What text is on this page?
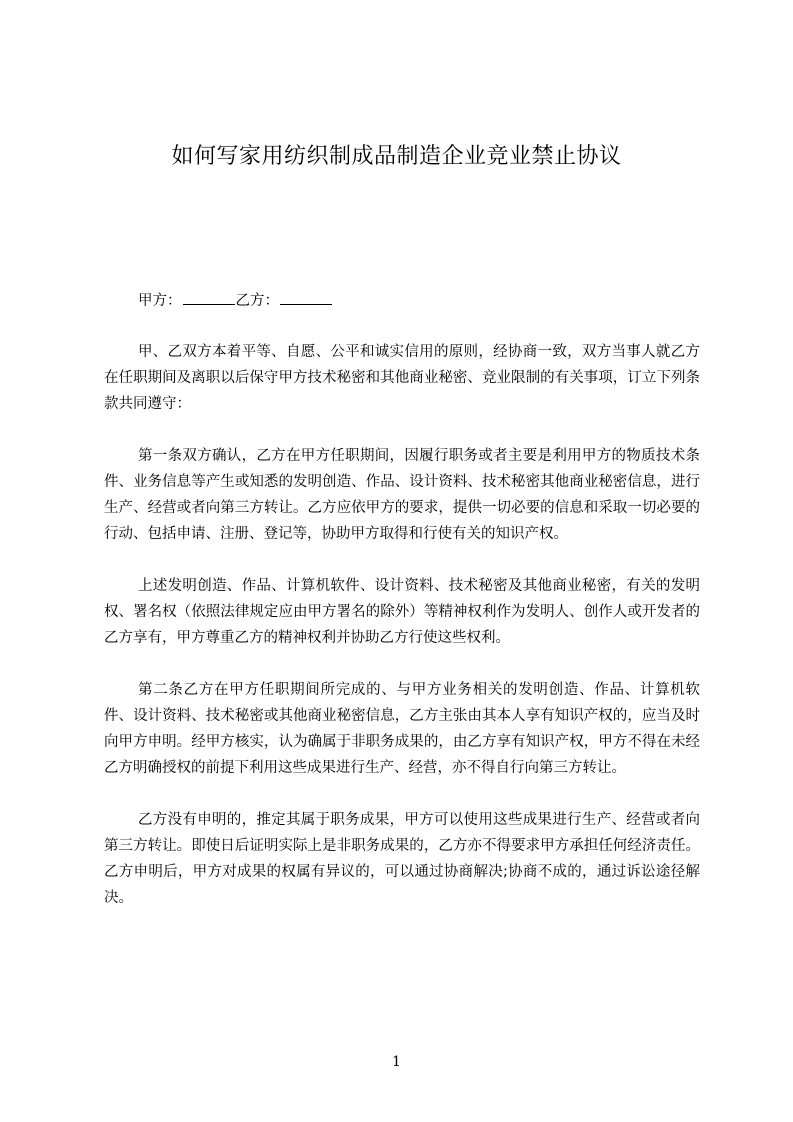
如何写家用纺织制成品制造企业竞业禁止协议
甲方：	乙方：

甲、乙双方本着平等、自愿、公平和诚实信用的原则，经协商一致，双方当事人就乙方在任职期间及离职以后保守甲方技术秘密和其他商业秘密、竞业限制的有关事项，订立下列条款共同遵守：

第一条双方确认，乙方在甲方任职期间，因履行职务或者主要是利用甲方的物质技术条件、业务信息等产生或知悉的发明创造、作品、设计资料、技术秘密其他商业秘密信息，进行生产、经营或者向第三方转让。乙方应依甲方的要求，提供一切必要的信息和采取一切必要的行动、包括申请、注册、登记等，协助甲方取得和行使有关的知识产权。

上述发明创造、作品、计算机软件、设计资料、技术秘密及其他商业秘密，有关的发明权、署名权（依照法律规定应由甲方署名的除外）等精神权利作为发明人、创作人或开发者的乙方享有，甲方尊重乙方的精神权利并协助乙方行使这些权利。

第二条乙方在甲方任职期间所完成的、与甲方业务相关的发明创造、作品、计算机软件、设计资料、技术秘密或其他商业秘密信息，乙方主张由其本人享有知识产权的，应当及时向甲方申明。经甲方核实，认为确属于非职务成果的，由乙方享有知识产权，甲方不得在未经乙方明确授权的前提下利用这些成果进行生产、经营，亦不得自行向第三方转让。

乙方没有申明的，推定其属于职务成果，甲方可以使用这些成果进行生产、经营或者向第三方转让。即使日后证明实际上是非职务成果的，乙方亦不得要求甲方承担任何经济责任。乙方申明后，甲方对成果的权属有异议的，可以通过协商解决;协商不成的，通过诉讼途径解决。

1
